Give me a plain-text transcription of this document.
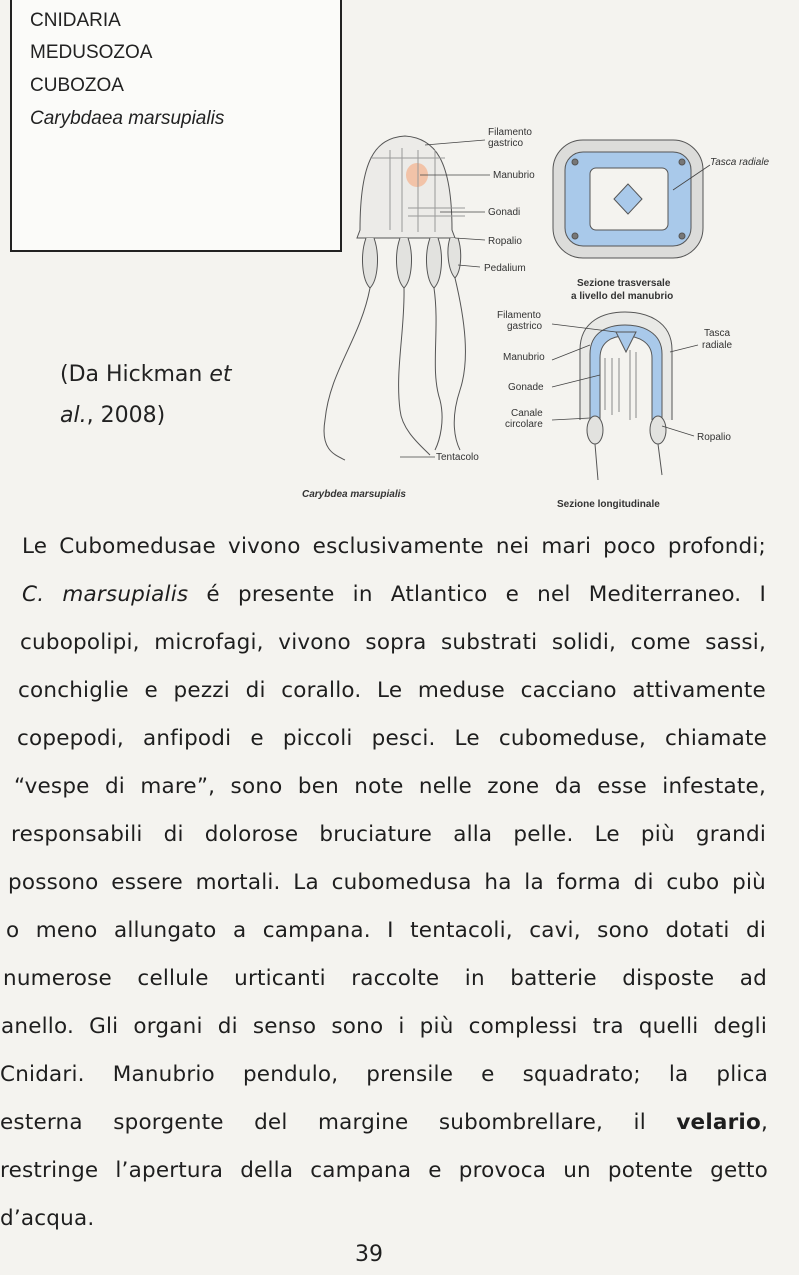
CNIDARIA
MEDUSOZOA
CUBOZOA
Carybdaea marsupialis
(Da Hickman et
al., 2008)
Filamento
gastrico
Manubrio
Gonadi
Ropalio
Pedalium
Tentacolo
Carybdea marsupialis
Tasca radiale
Sezione trasversale
a livello del manubrio
Filamento
gastrico
Manubrio
Gonade
Canale
circolare
Tasca
radiale
Ropalio
Sezione longitudinale
Le Cubomedusae vivono esclusivamente nei mari poco profondi;
C. marsupialis é presente in Atlantico e nel Mediterraneo. I
cubopolipi, microfagi, vivono sopra substrati solidi, come sassi,
conchiglie e pezzi di corallo. Le meduse cacciano attivamente
copepodi, anfipodi e piccoli pesci. Le cubomeduse, chiamate
“vespe di mare”, sono ben note nelle zone da esse infestate,
responsabili di dolorose bruciature alla pelle. Le più grandi
possono essere mortali. La cubomedusa ha la forma di cubo più
o meno allungato a campana. I tentacoli, cavi, sono dotati di
numerose cellule urticanti raccolte in batterie disposte ad
anello. Gli organi di senso sono i più complessi tra quelli degli
Cnidari. Manubrio pendulo, prensile e squadrato; la plica
esterna sporgente del margine subombrellare, il velario,
restringe l’apertura della campana e provoca un potente getto
d’acqua.
39
